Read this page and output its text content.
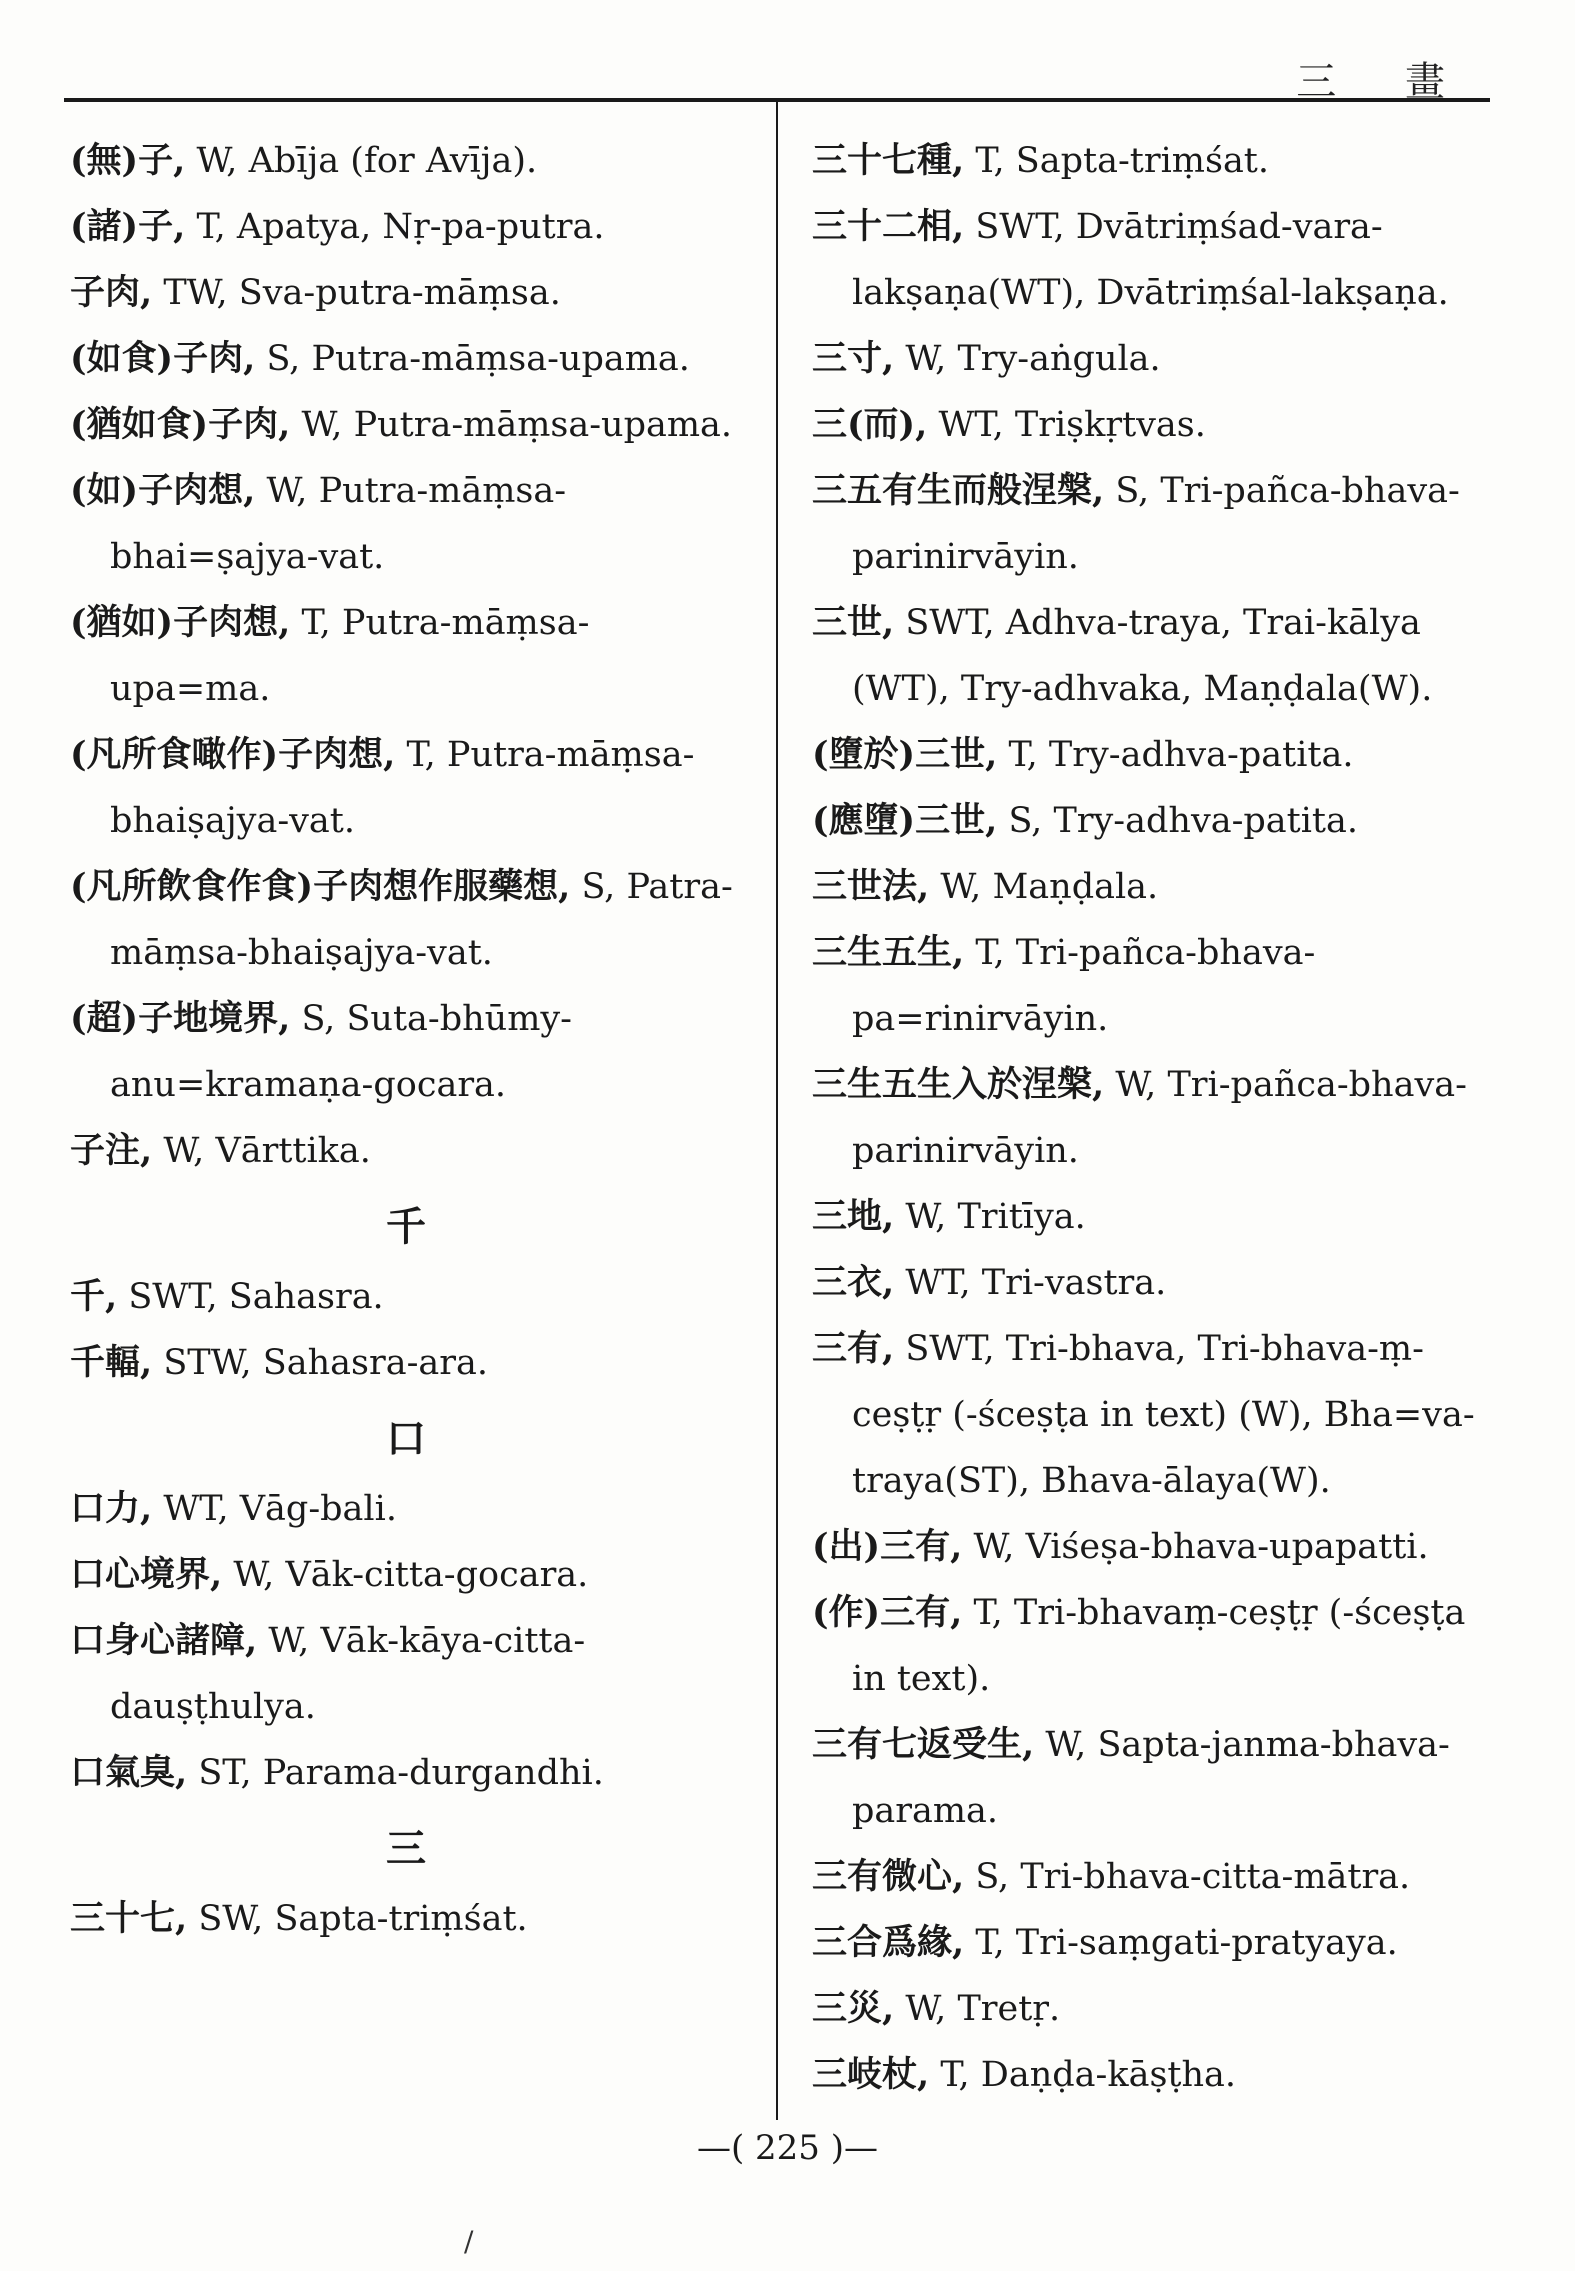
三 畫

(無)子, W, Abīja (for Avīja).

(諸)子, T, Apatya, Nṛ-pa-putra.

子肉, TW, Sva-putra-māṃsa.

(如食)子肉, S, Putra-māṃsa-upama.

(猶如食)子肉, W, Putra-māṃsa-upama.

(如)子肉想, W, Putra-māṃsa-bhai=ṣajya-vat.

(猶如)子肉想, T, Putra-māṃsa-upa=ma.

(凡所食噉作)子肉想, T, Putra-māṃsa-bhaiṣajya-vat.

(凡所飲食作食)子肉想作服藥想, S, Patra-māṃsa-bhaiṣajya-vat.

(超)子地境界, S, Suta-bhūmy-anu=kramaṇa-gocara.

子注, W, Vārttika.

千

千, SWT, Sahasra.

千輻, STW, Sahasra-ara.

口

口力, WT, Vāg-bali.

口心境界, W, Vāk-citta-gocara.

口身心諸障, W, Vāk-kāya-citta-dauṣṭhulya.

口氣臭, ST, Parama-durgandhi.

三

三十七, SW, Sapta-triṃśat.

三十七種, T, Sapta-triṃśat.

三十二相, SWT, Dvātriṃśad-vara-lakṣaṇa(WT), Dvātriṃśal-lakṣaṇa.

三寸, W, Try-aṅgula.

三(而), WT, Triṣkṛtvas.

三五有生而般涅槃, S, Tri-pañca-bhava-parinirvāyin.

三世, SWT, Adhva-traya, Trai-kālya (WT), Try-adhvaka, Maṇḍala(W).

(墮於)三世, T, Try-adhva-patita.

(應墮)三世, S, Try-adhva-patita.

三世法, W, Maṇḍala.

三生五生, T, Tri-pañca-bhava-pa=rinirvāyin.

三生五生入於涅槃, W, Tri-pañca-bhava-parinirvāyin.

三地, W, Tritīya.

三衣, WT, Tri-vastra.

三有, SWT, Tri-bhava, Tri-bhava-ṃ-ceṣṭṛ (-śceṣṭa in text) (W), Bha=va-traya(ST), Bhava-ālaya(W).

(出)三有, W, Viśeṣa-bhava-upapatti.

(作)三有, T, Tri-bhavaṃ-ceṣṭṛ (-śceṣṭa in text).

三有七返受生, W, Sapta-janma-bhava-parama.

三有微心, S, Tri-bhava-citta-mātra.

三合爲緣, T, Tri-saṃgati-pratyaya.

三災, W, Tretṛ.

三岐杖, T, Daṇḍa-kāṣṭha.

—( 225 )—
/
